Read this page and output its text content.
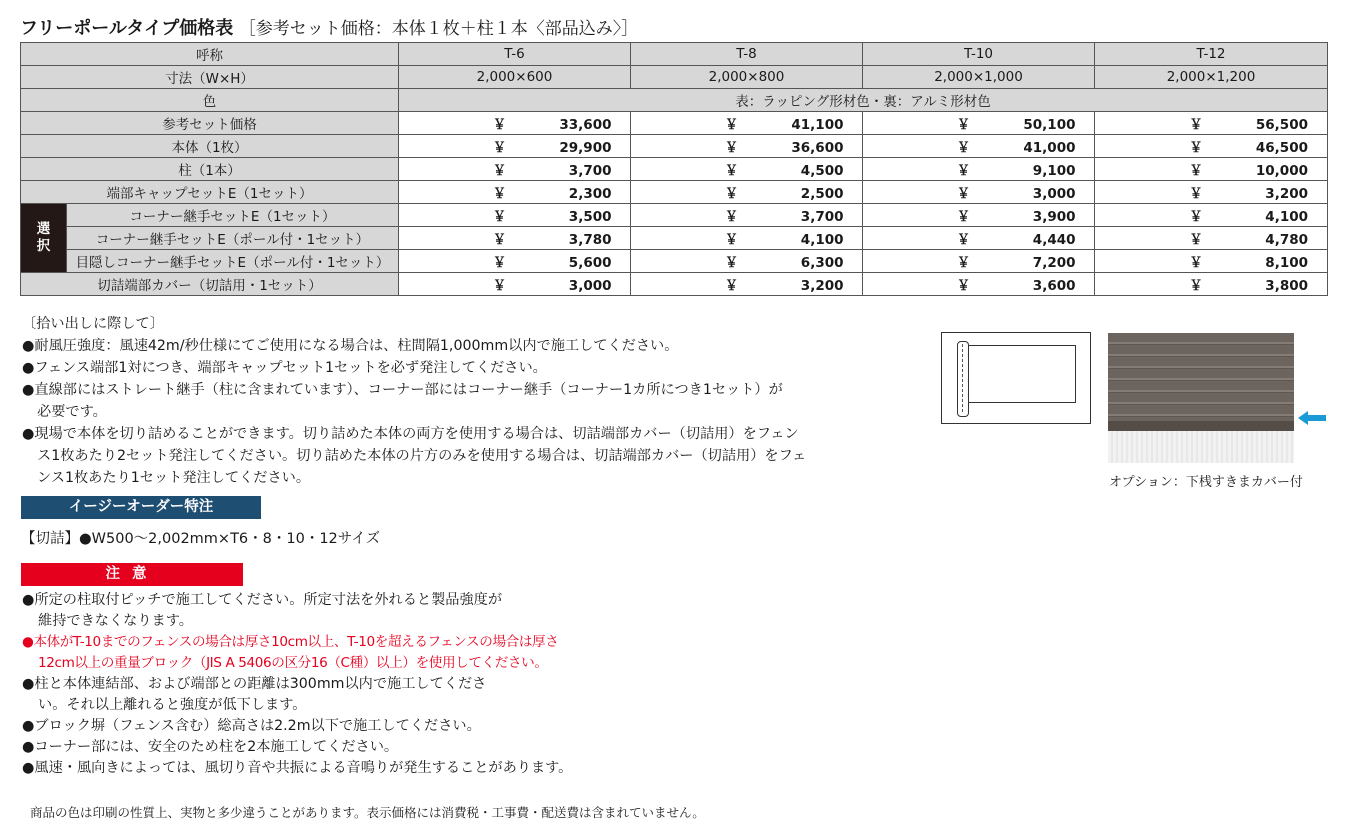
フリーポールタイプ価格表 ［参考セット価格：本体１枚＋柱１本〈部品込み〉］
呼称		T-6	T-8	T-10	T-12
寸法（W×H）		2,000×600	2,000×800	2,000×1,000	2,000×1,200
色		表：ラッピング形材色・裏：アルミ形材色			
参考セット価格		￥ 33,600	￥ 41,100	￥ 50,100	￥ 56,500
本体（1枚）		￥ 29,900	￥ 36,600	￥ 41,000	￥ 46,500
柱（1本）		￥ 3,700	￥ 4,500	￥ 9,100	￥ 10,000
端部キャップセットE（1セット）		￥ 2,300	￥ 2,500	￥ 3,000	￥ 3,200

選
択	コーナー継手セットE（1セット）	￥ 3,500	￥ 3,700	￥ 3,900	￥ 4,100
	コーナー継手セットE（ポール付・1セット）	￥ 3,780	￥ 4,100	￥ 4,440	￥ 4,780
	目隠しコーナー継手セットE（ポール付・1セット）	￥ 5,600	￥ 6,300	￥ 7,200	￥ 8,100
切詰端部カバー（切詰用・1セット）		￥ 3,000	￥ 3,200	￥ 3,600	￥ 3,800
〔拾い出しに際して〕
●耐風圧強度：風速42m/秒仕様にてご使用になる場合は、柱間隔1,000mm以内で施工してください。
●フェンス端部1対につき、端部キャップセット1セットを必ず発注してください。
●直線部にはストレート継手（柱に含まれています）、コーナー部にはコーナー継手（コーナー1カ所につき1セット）が
必要です。
●現場で本体を切り詰めることができます。切り詰めた本体の両方を使用する場合は、切詰端部カバー（切詰用）をフェン
ス1枚あたり2セット発注してください。切り詰めた本体の片方のみを使用する場合は、切詰端部カバー（切詰用）をフェ
ンス1枚あたり1セット発注してください。	オプション：下桟すきまカバー付
イージーオーダー特注
【切詰】●W500～2,002mm×T6・8・10・12サイズ
注意
●所定の柱取付ピッチで施工してください。所定寸法を外れると製品強度が
維持できなくなります。
●本体がT-10までのフェンスの場合は厚さ10cm以上、T-10を超えるフェンスの場合は厚さ
12cm以上の重量ブロック（JIS A 5406の区分16（C種）以上）を使用してください。
●柱と本体連結部、および端部との距離は300mm以内で施工してくださ
い。それ以上離れると強度が低下します。
●ブロック塀（フェンス含む）総高さは2.2m以下で施工してください。
●コーナー部には、安全のため柱を2本施工してください。
●風速・風向きによっては、風切り音や共振による音鳴りが発生することがあります。
商品の色は印刷の性質上、実物と多少違うことがあります。表示価格には消費税・工事費・配送費は含まれていません。
